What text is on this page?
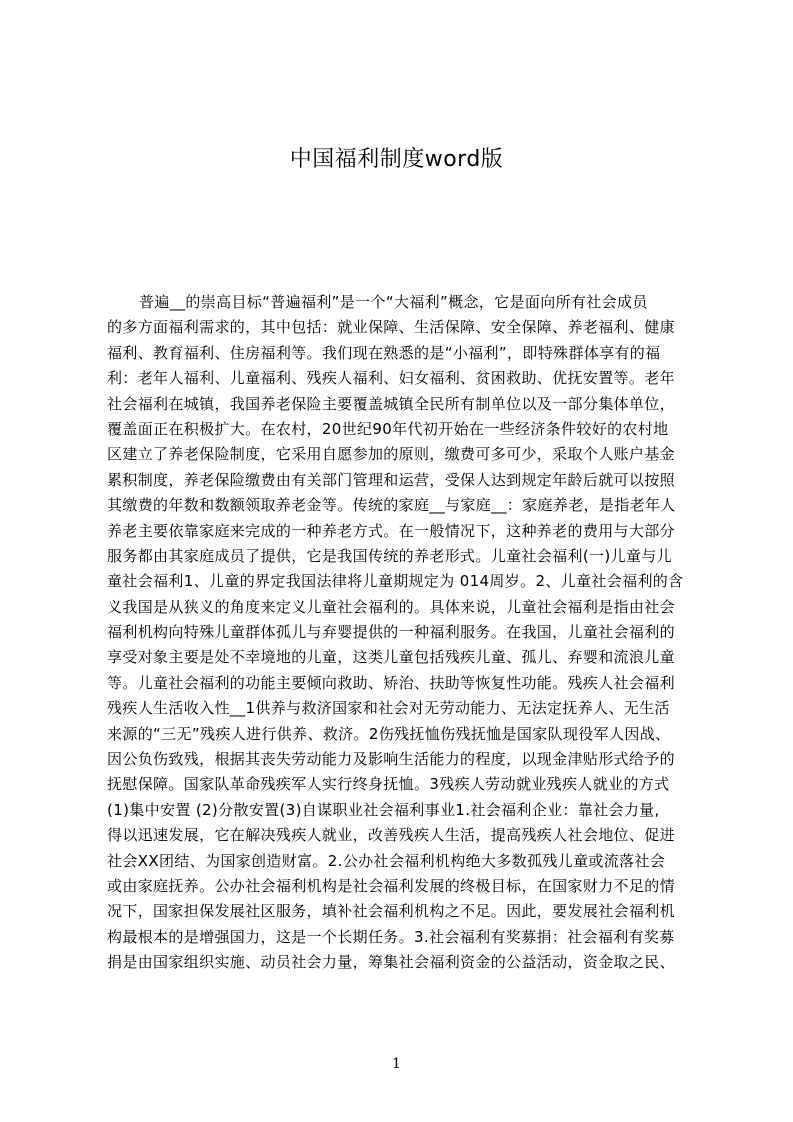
中国福利制度word版
普遍__的崇高目标“普遍福利”是一个“大福利”概念，它是面向所有社会成员
的多方面福利需求的，其中包括：就业保障、生活保障、安全保障、养老福利、健康
福利、教育福利、住房福利等。我们现在熟悉的是“小福利”，即特殊群体享有的福
利：老年人福利、儿童福利、残疾人福利、妇女福利、贫困救助、优抚安置等。老年
社会福利在城镇，我国养老保险主要覆盖城镇全民所有制单位以及一部分集体单位，
覆盖面正在积极扩大。在农村，20世纪90年代初开始在一些经济条件较好的农村地
区建立了养老保险制度，它采用自愿参加的原则，缴费可多可少，采取个人账户基金
累积制度，养老保险缴费由有关部门管理和运营，受保人达到规定年龄后就可以按照
其缴费的年数和数额领取养老金等。传统的家庭__与家庭__：家庭养老，是指老年人
养老主要依靠家庭来完成的一种养老方式。在一般情况下，这种养老的费用与大部分
服务都由其家庭成员了提供，它是我国传统的养老形式。儿童社会福利(一)儿童与儿
童社会福利1、儿童的界定我国法律将儿童期规定为 014周岁。2、儿童社会福利的含
义我国是从狭义的角度来定义儿童社会福利的。具体来说，儿童社会福利是指由社会
福利机构向特殊儿童群体孤儿与弃婴提供的一种福利服务。在我国，儿童社会福利的
享受对象主要是处不幸境地的儿童，这类儿童包括残疾儿童、孤儿、弃婴和流浪儿童
等。儿童社会福利的功能主要倾向救助、矫治、扶助等恢复性功能。残疾人社会福利
残疾人生活收入性__1供养与救济国家和社会对无劳动能力、无法定抚养人、无生活
来源的“三无”残疾人进行供养、救济。2伤残抚恤伤残抚恤是国家队现役军人因战、
因公负伤致残，根据其丧失劳动能力及影响生活能力的程度，以现金津贴形式给予的
抚慰保障。国家队革命残疾军人实行终身抚恤。3残疾人劳动就业残疾人就业的方式
(1)集中安置 (2)分散安置(3)自谋职业社会福利事业1.社会福利企业：靠社会力量,
得以迅速发展，它在解决残疾人就业，改善残疾人生活，提高残疾人社会地位、促进
社会XX团结、为国家创造财富。2.公办社会福利机构绝大多数孤残儿童或流落社会
或由家庭抚养。公办社会福利机构是社会福利发展的终极目标，在国家财力不足的情
况下，国家担保发展社区服务，填补社会福利机构之不足。因此，要发展社会福利机
构最根本的是增强国力，这是一个长期任务。3.社会福利有奖募捐：社会福利有奖募
捐是由国家组织实施、动员社会力量，筹集社会福利资金的公益活动，资金取之民、
1
